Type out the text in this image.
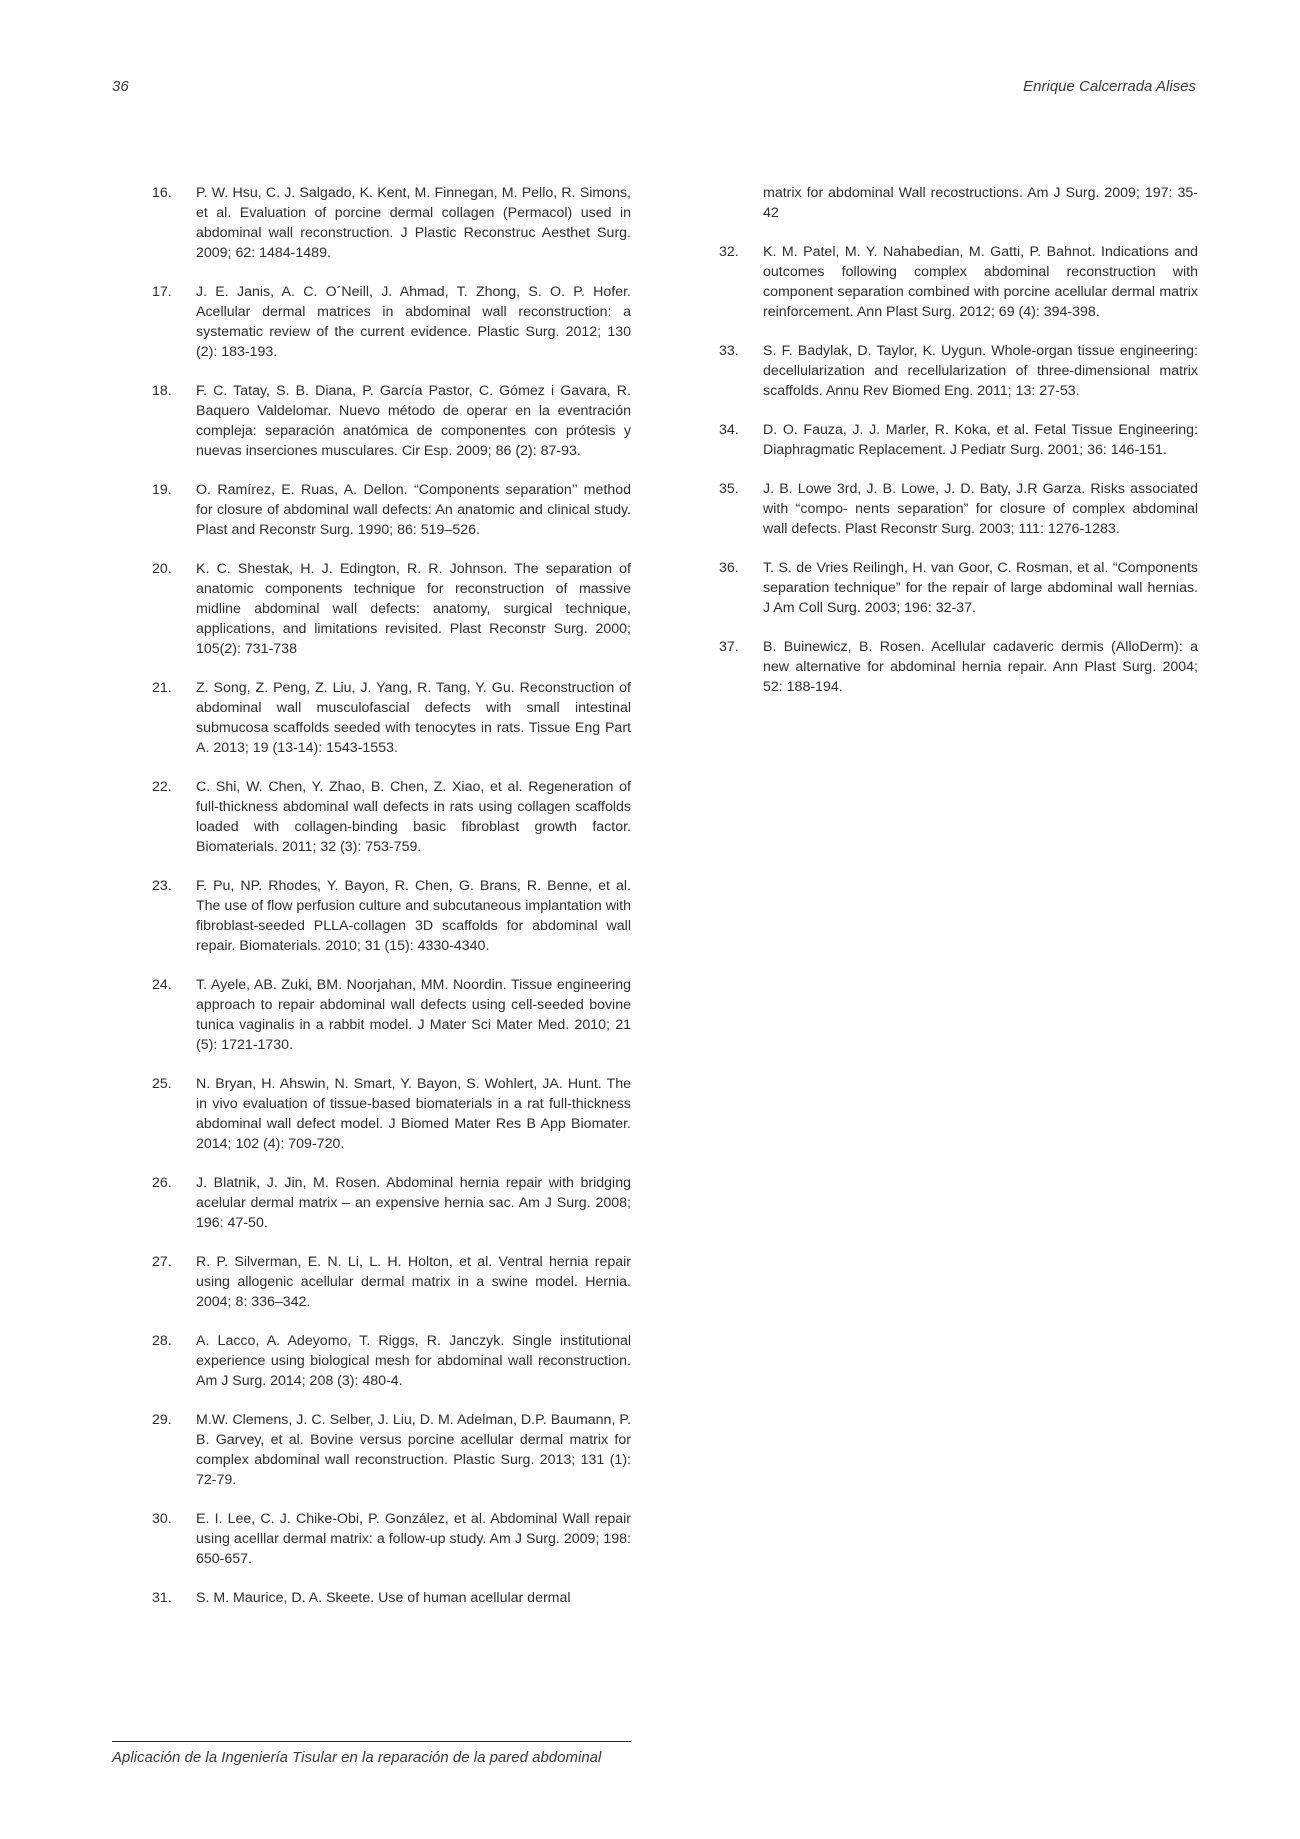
36	Enrique Calcerrada Alises
16. P. W. Hsu, C. J. Salgado, K. Kent, M. Finnegan, M. Pello, R. Simons, et al. Evaluation of porcine dermal collagen (Permacol) used in abdominal wall reconstruction. J Plastic Reconstruc Aesthet Surg. 2009; 62: 1484-1489.
17. J. E. Janis, A. C. O´Neill, J. Ahmad, T. Zhong, S. O. P. Hofer. Acellular dermal matrices in abdominal wall reconstruction: a systematic review of the current evidence. Plastic Surg. 2012; 130 (2): 183-193.
18. F. C. Tatay, S. B. Diana, P. García Pastor, C. Gómez i Gavara, R. Baquero Valdelomar. Nuevo método de operar en la eventración compleja: separación anatómica de componentes con prótesis y nuevas inserciones musculares. Cir Esp. 2009; 86 (2): 87-93.
19. O. Ramírez, E. Ruas, A. Dellon. “Components separation’’ method for closure of abdominal wall defects: An anatomic and clinical study. Plast and Reconstr Surg. 1990; 86: 519–526.
20. K. C. Shestak, H. J. Edington, R. R. Johnson. The separation of anatomic components technique for reconstruction of massive midline abdominal wall defects: anatomy, surgical technique, applications, and limitations revisited. Plast Reconstr Surg. 2000; 105(2): 731-738
21. Z. Song, Z. Peng, Z. Liu, J. Yang, R. Tang, Y. Gu. Reconstruction of abdominal wall musculofascial defects with small intestinal submucosa scaffolds seeded with tenocytes in rats. Tissue Eng Part A. 2013; 19 (13-14): 1543-1553.
22. C. Shi, W. Chen, Y. Zhao, B. Chen, Z. Xiao, et al. Regeneration of full-thickness abdominal wall defects in rats using collagen scaffolds loaded with collagen-binding basic fibroblast growth factor. Biomaterials. 2011; 32 (3): 753-759.
23. F. Pu, NP. Rhodes, Y. Bayon, R. Chen, G. Brans, R. Benne, et al. The use of flow perfusion culture and subcutaneous implantation with fibroblast-seeded PLLA-collagen 3D scaffolds for abdominal wall repair. Biomaterials. 2010; 31 (15): 4330-4340.
24. T. Ayele, AB. Zuki, BM. Noorjahan, MM. Noordin. Tissue engineering approach to repair abdominal wall defects using cell-seeded bovine tunica vaginalis in a rabbit model. J Mater Sci Mater Med. 2010; 21 (5): 1721-1730.
25. N. Bryan, H. Ahswin, N. Smart, Y. Bayon, S. Wohlert, JA. Hunt. The in vivo evaluation of tissue-based biomaterials in a rat full-thickness abdominal wall defect model. J Biomed Mater Res B App Biomater. 2014; 102 (4): 709-720.
26. J. Blatnik, J. Jin, M. Rosen. Abdominal hernia repair with bridging acelular dermal matrix – an expensive hernia sac. Am J Surg. 2008; 196: 47-50.
27. R. P. Silverman, E. N. Li, L. H. Holton, et al. Ventral hernia repair using allogenic acellular dermal matrix in a swine model. Hernia. 2004; 8: 336–342.
28. A. Lacco, A. Adeyomo, T. Riggs, R. Janczyk. Single institutional experience using biological mesh for abdominal wall reconstruction. Am J Surg. 2014; 208 (3): 480-4.
29. M.W. Clemens, J. C. Selber, J. Liu, D. M. Adelman, D.P. Baumann, P. B. Garvey, et al. Bovine versus porcine acellular dermal matrix for complex abdominal wall reconstruction. Plastic Surg. 2013; 131 (1): 72-79.
30. E. I. Lee, C. J. Chike-Obi, P. González, et al. Abdominal Wall repair using acelllar dermal matrix: a follow-up study. Am J Surg. 2009; 198: 650-657.
31. S. M. Maurice, D. A. Skeete. Use of human acellular dermal
matrix for abdominal Wall recostructions. Am J Surg. 2009; 197: 35-42
32. K. M. Patel, M. Y. Nahabedian, M. Gatti, P. Bahnot. Indications and outcomes following complex abdominal reconstruction with component separation combined with porcine acellular dermal matrix reinforcement. Ann Plast Surg. 2012; 69 (4): 394-398.
33. S. F. Badylak, D. Taylor, K. Uygun. Whole-organ tissue engineering: decellularization and recellularization of three-dimensional matrix scaffolds. Annu Rev Biomed Eng. 2011; 13: 27-53.
34. D. O. Fauza, J. J. Marler, R. Koka, et al. Fetal Tissue Engineering: Diaphragmatic Replacement. J Pediatr Surg. 2001; 36: 146-151.
35. J. B. Lowe 3rd, J. B. Lowe, J. D. Baty, J.R Garza. Risks associated with “compo- nents separation” for closure of complex abdominal wall defects. Plast Reconstr Surg. 2003; 111: 1276-1283.
36. T. S. de Vries Reilingh, H. van Goor, C. Rosman, et al. “Components separation technique” for the repair of large abdominal wall hernias. J Am Coll Surg. 2003; 196: 32-37.
37. B. Buinewicz, B. Rosen. Acellular cadaveric dermis (AlloDerm): a new alternative for abdominal hernia repair. Ann Plast Surg. 2004; 52: 188-194.
Aplicación de la Ingeniería Tisular en la reparación de la pared abdominal
